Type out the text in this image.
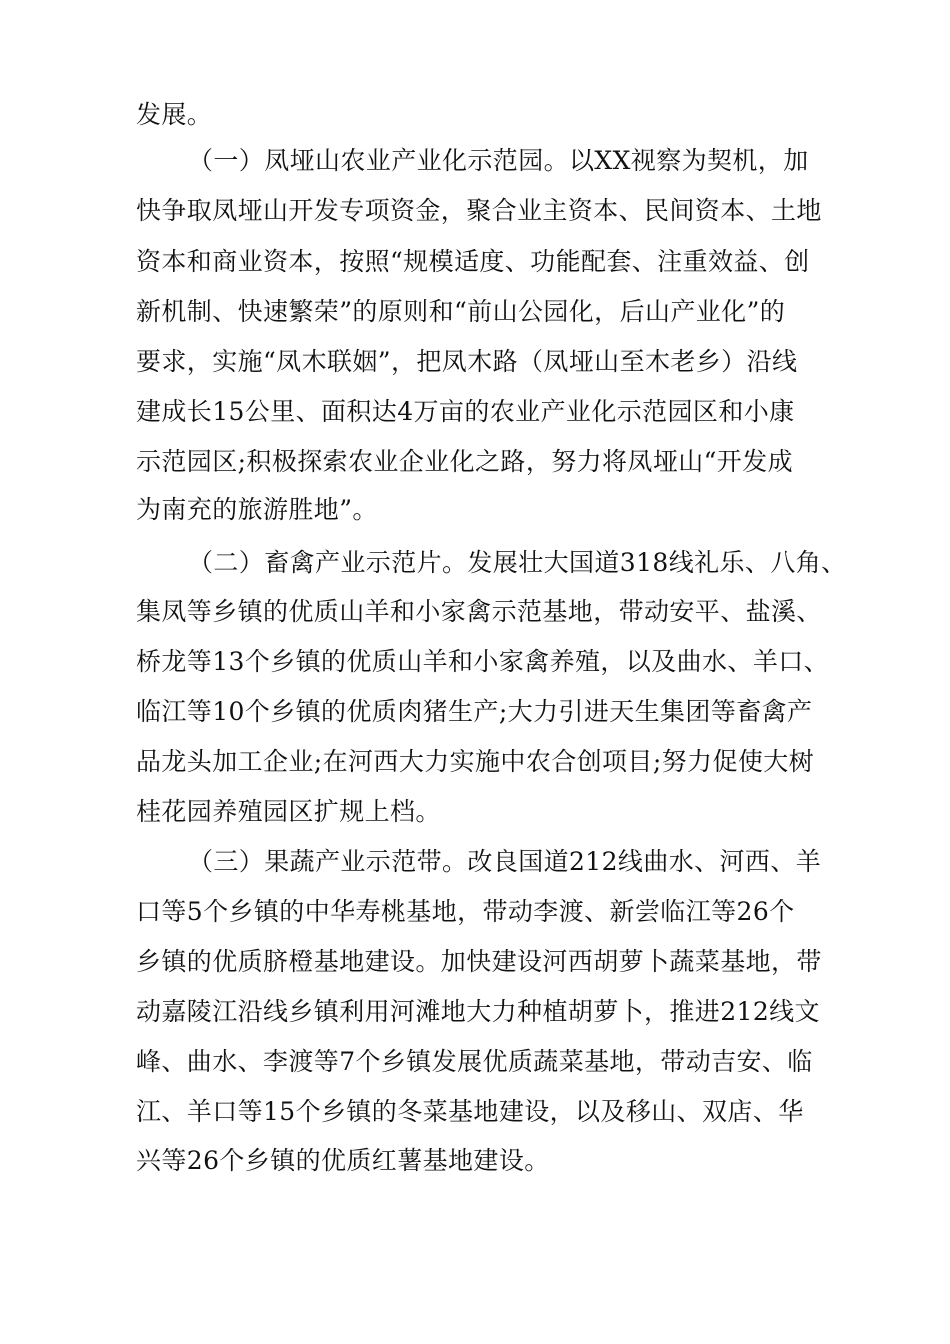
发展。
（一）凤垭山农业产业化示范园。以XX视察为契机，加
快争取凤垭山开发专项资金，聚合业主资本、民间资本、土地
资本和商业资本，按照“规模适度、功能配套、注重效益、创
新机制、快速繁荣”的原则和“前山公园化，后山产业化”的
要求，实施“凤木联姻”，把凤木路（凤垭山至木老乡）沿线
建成长15公里、面积达4万亩的农业产业化示范园区和小康
示范园区;积极探索农业企业化之路，努力将凤垭山“开发成
为南充的旅游胜地”。
（二）畜禽产业示范片。发展壮大国道318线礼乐、八角、
集凤等乡镇的优质山羊和小家禽示范基地，带动安平、盐溪、
桥龙等13个乡镇的优质山羊和小家禽养殖，以及曲水、羊口、
临江等10个乡镇的优质肉猪生产;大力引进天生集团等畜禽产
品龙头加工企业;在河西大力实施中农合创项目;努力促使大树
桂花园养殖园区扩规上档。
（三）果蔬产业示范带。改良国道212线曲水、河西、羊
口等5个乡镇的中华寿桃基地，带动李渡、新尝临江等26个
乡镇的优质脐橙基地建设。加快建设河西胡萝卜蔬菜基地，带
动嘉陵江沿线乡镇利用河滩地大力种植胡萝卜，推进212线文
峰、曲水、李渡等7个乡镇发展优质蔬菜基地，带动吉安、临
江、羊口等15个乡镇的冬菜基地建设，以及移山、双店、华
兴等26个乡镇的优质红薯基地建设。
